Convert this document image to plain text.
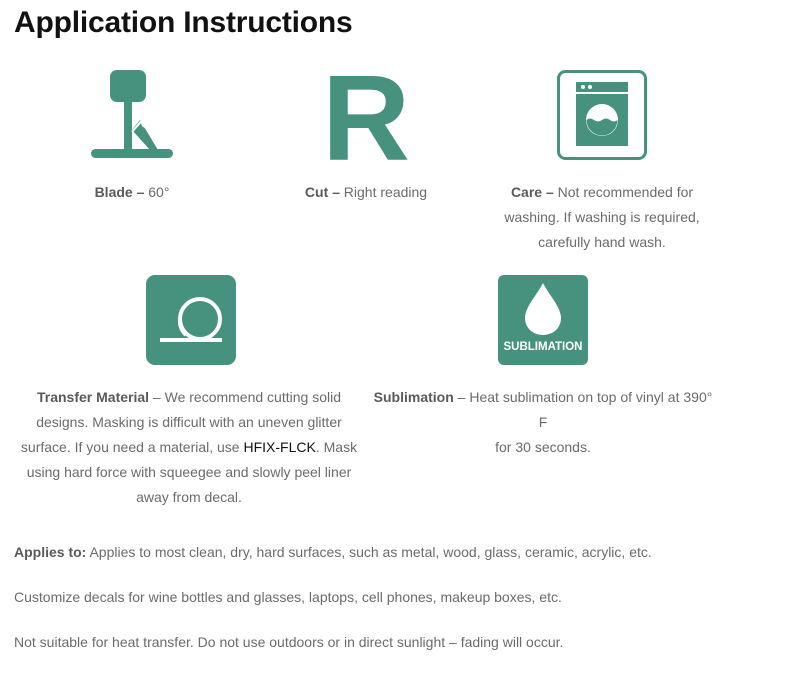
Application Instructions
Blade – 60°
R
Cut – Right reading	Care – Not recommended for
washing. If washing is required,
carefully hand wash.
Transfer Material – We recommend cutting solid
designs. Masking is difficult with an uneven glitter
surface. If you need a material, use HFIX-FLCK. Mask
using hard force with squeegee and slowly peel liner
away from decal.
SUBLIMATION
Sublimation – Heat sublimation on top of vinyl at 390° F
for 30 seconds.

Applies to: Applies to most clean, dry, hard surfaces, such as metal, wood, glass, ceramic, acrylic, etc.

Customize decals for wine bottles and glasses, laptops, cell phones, makeup boxes, etc.

Not suitable for heat transfer. Do not use outdoors or in direct sunlight – fading will occur.
